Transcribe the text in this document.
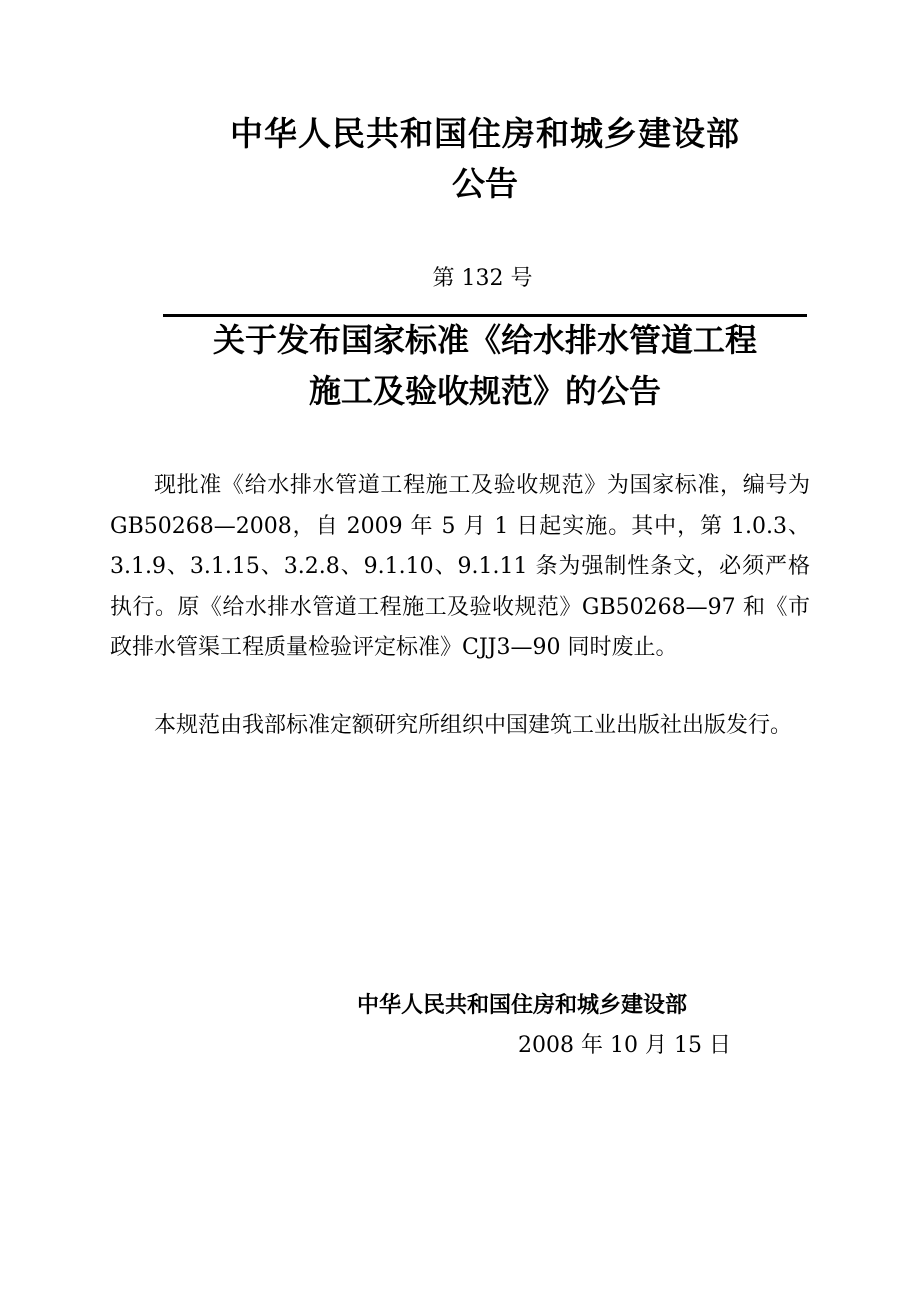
中华人民共和国住房和城乡建设部
公告
第 132 号
关于发布国家标准《给水排水管道工程
施工及验收规范》的公告

现批准《给水排水管道工程施工及验收规范》为国家标准，编号为 GB50268—2008，自 2009 年 5 月 1 日起实施。其中，第 1.0.3、3.1.9、3.1.15、3.2.8、9.1.10、9.1.11 条为强制性条文，必须严格执行。原《给水排水管道工程施工及验收规范》GB50268—97 和《市政排水管渠工程质量检验评定标准》CJJ3—90 同时废止。

本规范由我部标准定额研究所组织中国建筑工业出版社出版发行。

中华人民共和国住房和城乡建设部
2008 年 10 月 15 日
